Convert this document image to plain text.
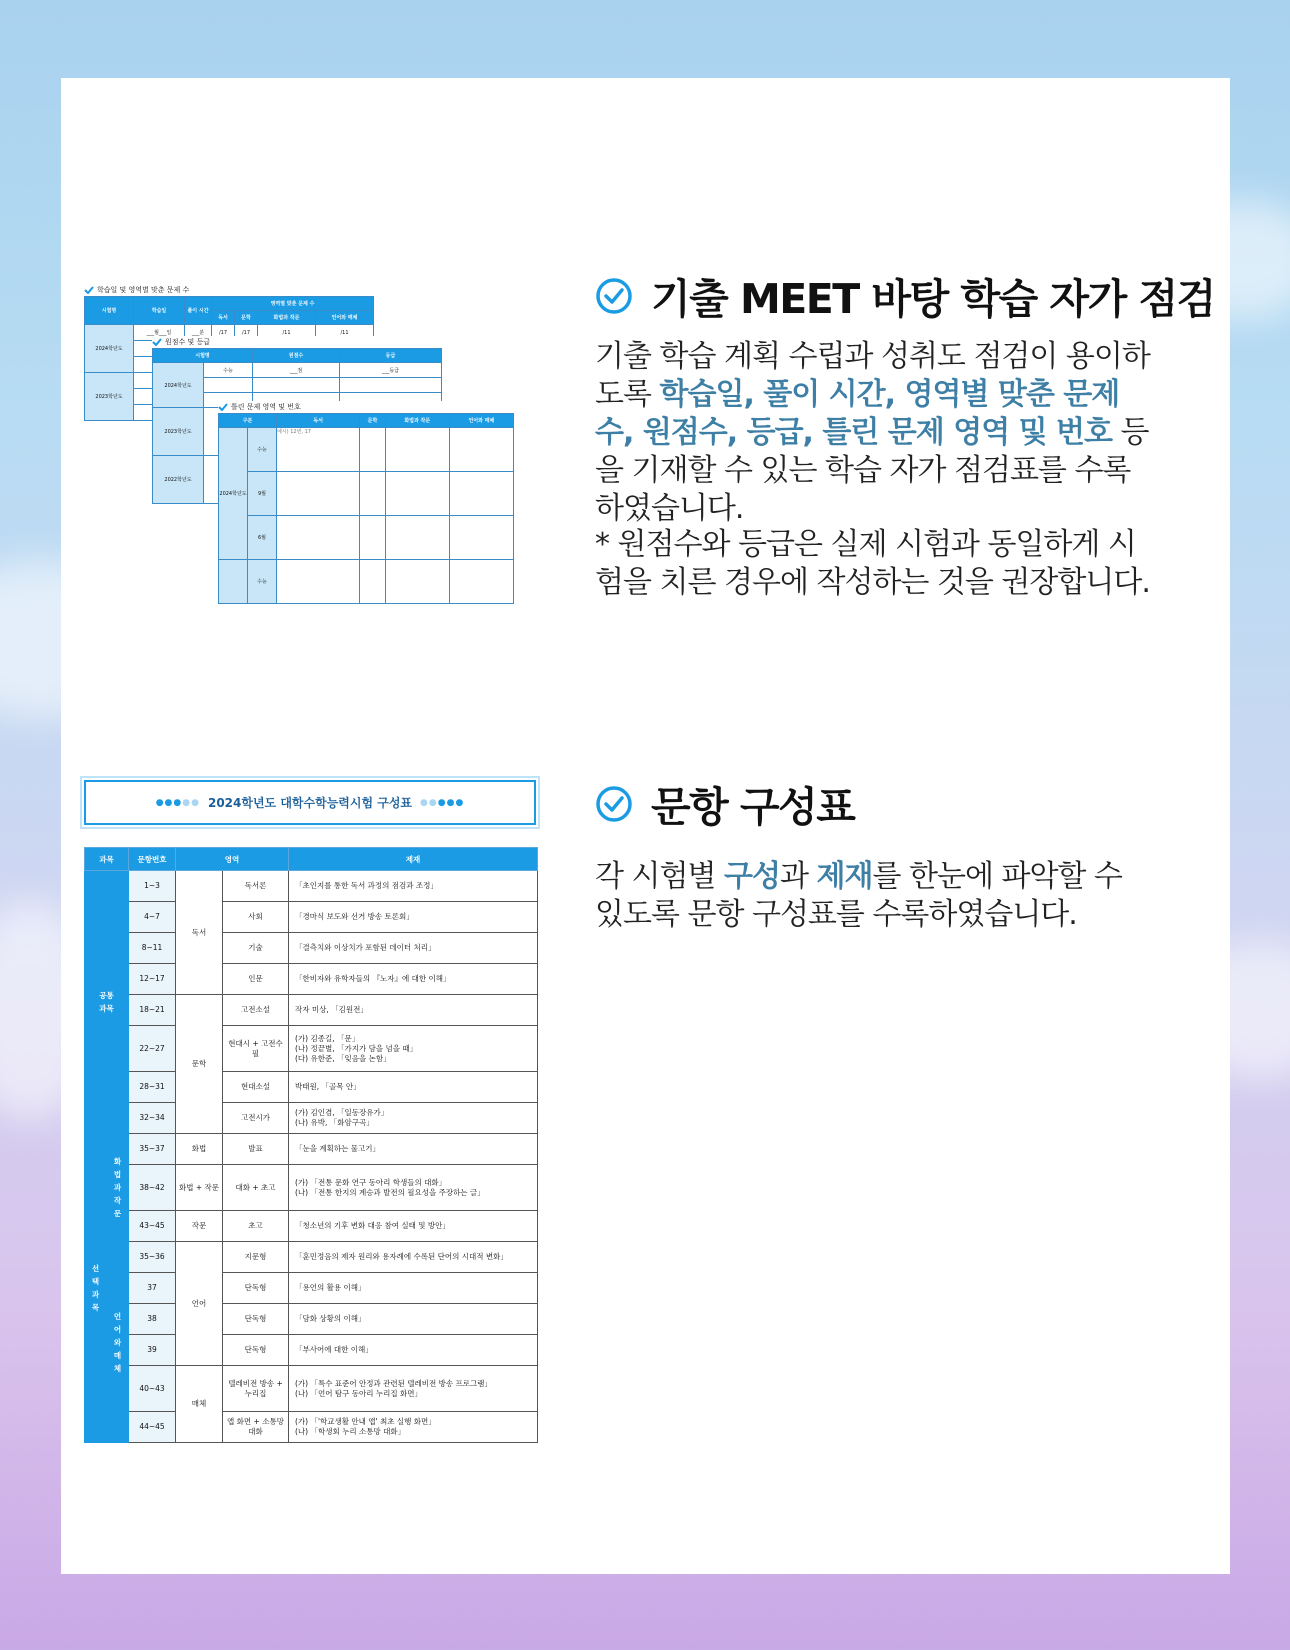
학습일 및 영역별 맞춘 문제 수
시험명	학습일	풀이 시간	영역별 맞춘 문제 수			
			독서	문학	화법과 작문	언어와 매체
2024학년도	___월___일	___분	/17	/17	/11	/11

2023학년도						

원점수 및 등급
시험명		원점수	등급
2024학년도	수능	___점	___등급

2023학년도			
2022학년도			
틀린 문제 영역 및 번호
구분		독서	문학	화법과 작문	언어와 매체
2024학년도	수능	예시) 12번, 17			
	9월				
	6월				
	수능				
기출 MEET 바탕 학습 자가 점검
기출 학습 계획 수립과 성취도 점검이 용이하도록 학습일, 풀이 시간, 영역별 맞춘 문제 수, 원점수, 등급, 틀린 문제 영역 및 번호 등을 기재할 수 있는 학습 자가 점검표를 수록하였습니다.
* 원점수와 등급은 실제 시험과 동일하게 시험을 치른 경우에 작성하는 것을 권장합니다.
●●●●● 2024학년도 대학수학능력시험 구성표 ●●●●●
과목		문항번호	영역		제재
공통 과목		1~3	독서	독서론	「초인지를 통한 독서 과정의 점검과 조정」
		4~7		사회	「경마식 보도와 선거 방송 토론회」
		8~11		기술	「결측치와 이상치가 포함된 데이터 처리」
		12~17		인문	「한비자와 유학자들의 『노자』에 대한 이해」
		18~21	문학	고전소설	작자 미상, 「김원전」
		22~27		현대시 + 고전수필	(가) 김종길, 「문」
(나) 정끝별, 「가지가 담을 넘을 때」
(다) 유한준, 「잊음을 논함」
		28~31		현대소설	박태원, 「골목 안」
		32~34		고전시가	(가) 김인겸, 「일동장유가」
(나) 유박, 「화암구곡」
선택 과목	화법과작문	35~37	화법	발표	「눈을 계획하는 물고기」
		38~42	화법 + 작문	대화 + 초고	(가) 「전통 문화 연구 동아리 학생들의 대화」
(나) 「전통 한지의 계승과 발전의 필요성을 주장하는 글」
		43~45	작문	초고	「청소년의 기후 변화 대응 참여 실태 및 방안」
	언어와매체	35~36	언어	지문형	「훈민정음의 제자 원리와 용자례에 수록된 단어의 시대적 변화」
		37		단독형	「용언의 활용 이해」
		38		단독형	「담화 상황의 이해」
		39		단독형	「부사어에 대한 이해」
		40~43	매체	텔레비전 방송 + 누리집	(가) 「특수 표준어 안정과 관련된 텔레비전 방송 프로그램」
(나) 「언어 탐구 동아리 누리집 화면」
		44~45		앱 화면 + 소통망 대화	(가) 「'학교생활 안내 앱' 최초 실행 화면」
(나) 「학생회 누리 소통망 대화」
문항 구성표
각 시험별 구성과 제재를 한눈에 파악할 수 있도록 문항 구성표를 수록하였습니다.
